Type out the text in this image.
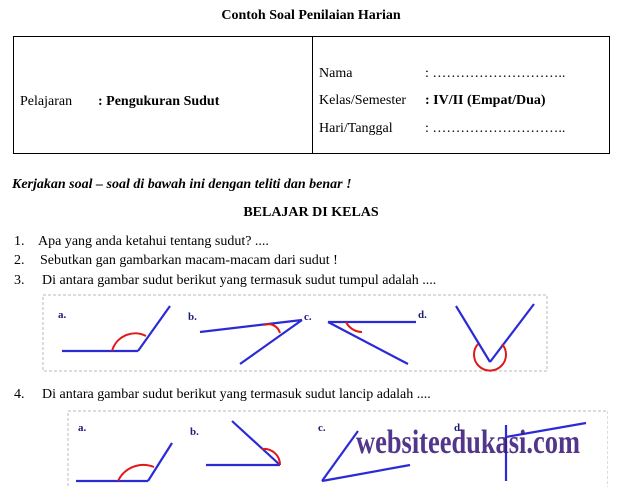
Contoh Soal Penilaian Harian
Pelajaran : Pengukuran Sudut
Nama	: ………………………..
Kelas/Semester : IV/II (Empat/Dua)
Hari/Tanggal : ………………………..
Kerjakan soal – soal di bawah ini dengan teliti dan benar !
BELAJAR DI KELAS
1. Apa yang anda ketahui tentang sudut? ....
2. Sebutkan gan gambarkan macam-macam dari sudut !
3. Di antara gambar sudut berikut yang termasuk sudut tumpul adalah ....
a.	b.	c.	d.
4. Di antara gambar sudut berikut yang termasuk sudut lancip adalah ....
a.	b.	c.	d.
websiteedukasi.com
